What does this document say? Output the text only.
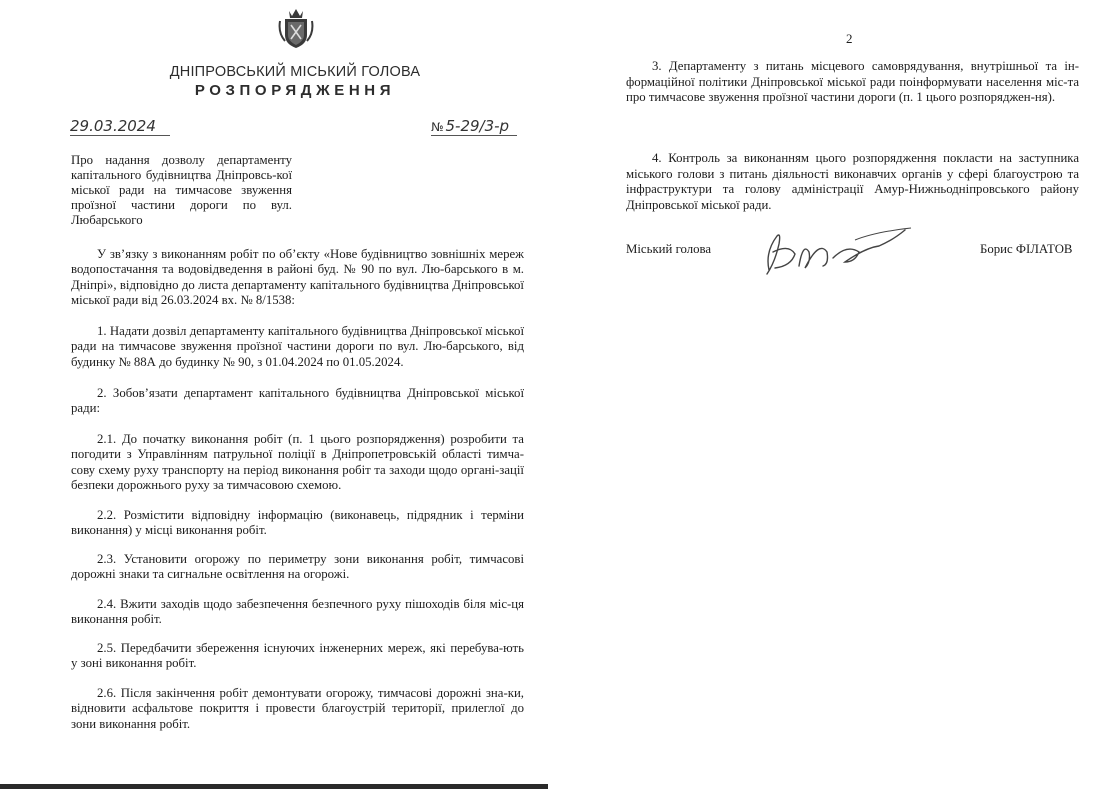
ДНІПРОВСЬКИЙ МІСЬКИЙ ГОЛОВА
РОЗПОРЯДЖЕННЯ
29.03.2024	№ 5-29/3-р
Про надання дозволу департаменту капітального будівництва Дніпровсь-кої міської ради на тимчасове звуження проїзної частини дороги по вул. Любарського
У зв’язку з виконанням робіт по об’єкту «Нове будівництво зовнішніх мереж водопостачання та водовідведення в районі буд. № 90 по вул. Лю-барського в м. Дніпрі», відповідно до листа департаменту капітального будівництва Дніпровської міської ради від 26.03.2024 вх. № 8/1538:
1. Надати дозвіл департаменту капітального будівництва Дніпровської міської ради на тимчасове звуження проїзної частини дороги по вул. Лю-барського, від будинку № 88А до будинку № 90, з 01.04.2024 по 01.05.2024.
2. Зобов’язати департамент капітального будівництва Дніпровської міської ради:
2.1. До початку виконання робіт (п. 1 цього розпорядження) розробити та погодити з Управлінням патрульної поліції в Дніпропетровській області тимча-сову схему руху транспорту на період виконання робіт та заходи щодо органі-зації безпеки дорожнього руху за тимчасовою схемою.
2.2. Розмістити відповідну інформацію (виконавець, підрядник і терміни виконання) у місці виконання робіт.
2.3. Установити огорожу по периметру зони виконання робіт, тимчасові дорожні знаки та сигнальне освітлення на огорожі.
2.4. Вжити заходів щодо забезпечення безпечного руху пішоходів біля міс-ця виконання робіт.
2.5. Передбачити збереження існуючих інженерних мереж, які перебува-ють у зоні виконання робіт.
2.6. Після закінчення робіт демонтувати огорожу, тимчасові дорожні зна-ки, відновити асфальтове покриття і провести благоустрій території, прилеглої до зони виконання робіт.
2
3. Департаменту з питань місцевого самоврядування, внутрішньої та ін-формаційної політики Дніпровської міської ради поінформувати населення міс-та про тимчасове звуження проїзної частини дороги (п. 1 цього розпоряджен-ня).
4. Контроль за виконанням цього розпорядження покласти на заступника міського голови з питань діяльності виконавчих органів у сфері благоустрою та інфраструктури та голову адміністрації Амур-Нижньодніпровського району Дніпровської міської ради.
Міський голова	Борис ФІЛАТОВ
